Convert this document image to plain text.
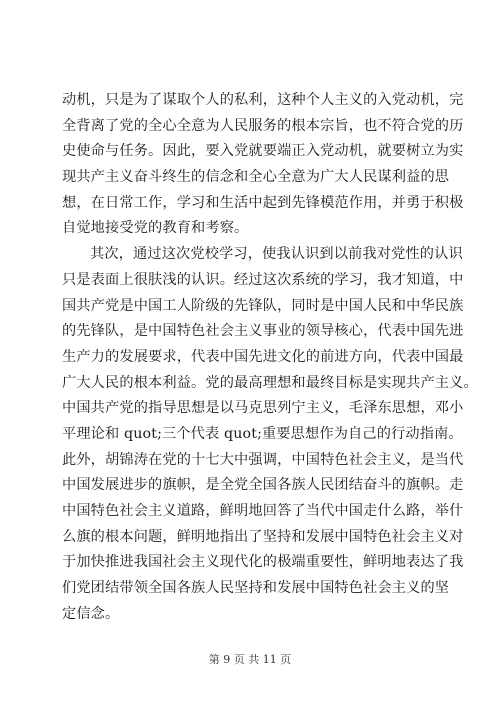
动机，只是为了谋取个人的私利，这种个人主义的入党动机，完
全背离了党的全心全意为人民服务的根本宗旨，也不符合党的历
史使命与任务。因此，要入党就要端正入党动机，就要树立为实
现共产主义奋斗终生的信念和全心全意为广大人民谋利益的思
想，在日常工作，学习和生活中起到先锋模范作用，并勇于积极
自觉地接受党的教育和考察。
其次，通过这次党校学习，使我认识到以前我对党性的认识
只是表面上很肤浅的认识。经过这次系统的学习，我才知道，中
国共产党是中国工人阶级的先锋队，同时是中国人民和中华民族
的先锋队，是中国特色社会主义事业的领导核心，代表中国先进
生产力的发展要求，代表中国先进文化的前进方向，代表中国最
广大人民的根本利益。党的最高理想和最终目标是实现共产主义。
中国共产党的指导思想是以马克思列宁主义，毛泽东思想，邓小
平理论和 quot;三个代表 quot;重要思想作为自己的行动指南。
此外，胡锦涛在党的十七大中强调，中国特色社会主义，是当代
中国发展进步的旗帜，是全党全国各族人民团结奋斗的旗帜。走
中国特色社会主义道路，鲜明地回答了当代中国走什么路，举什
么旗的根本问题，鲜明地指出了坚持和发展中国特色社会主义对
于加快推进我国社会主义现代化的极端重要性，鲜明地表达了我
们党团结带领全国各族人民坚持和发展中国特色社会主义的坚
定信念。
第 9 页 共 11 页
